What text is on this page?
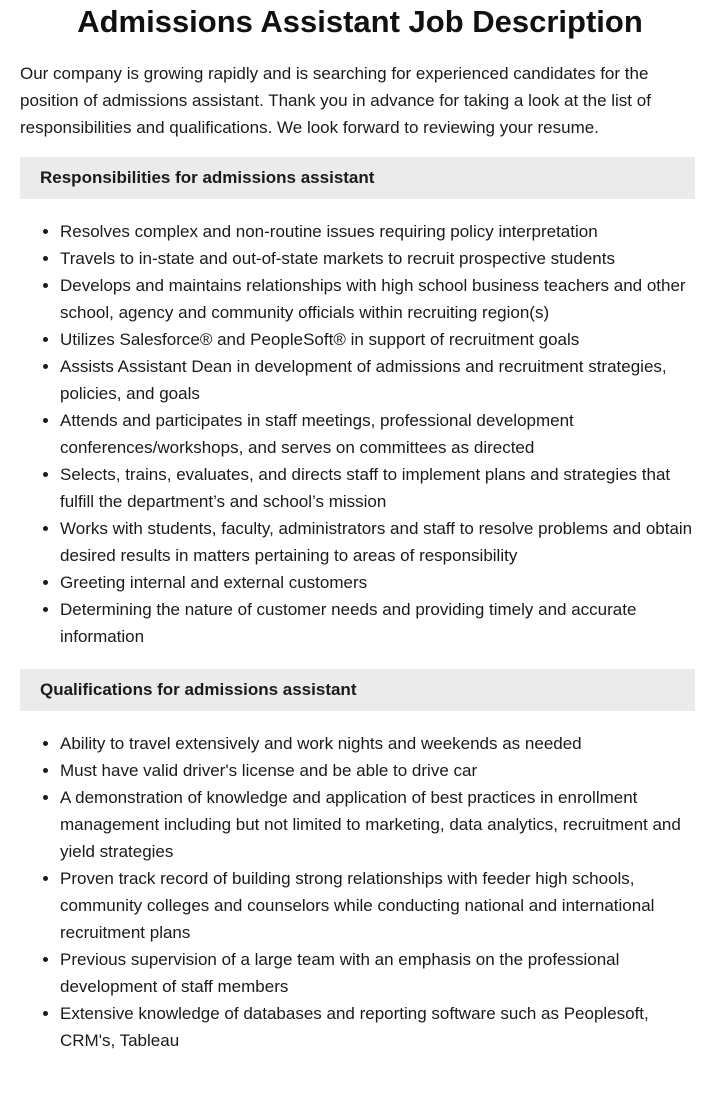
Admissions Assistant Job Description

Our company is growing rapidly and is searching for experienced candidates for the position of admissions assistant. Thank you in advance for taking a look at the list of responsibilities and qualifications. We look forward to reviewing your resume.

Responsibilities for admissions assistant
• Resolves complex and non-routine issues requiring policy interpretation
• Travels to in-state and out-of-state markets to recruit prospective students
• Develops and maintains relationships with high school business teachers and other school, agency and community officials within recruiting region(s)
• Utilizes Salesforce® and PeopleSoft® in support of recruitment goals
• Assists Assistant Dean in development of admissions and recruitment strategies, policies, and goals
• Attends and participates in staff meetings, professional development conferences/workshops, and serves on committees as directed
• Selects, trains, evaluates, and directs staff to implement plans and strategies that fulfill the department’s and school’s mission
• Works with students, faculty, administrators and staff to resolve problems and obtain desired results in matters pertaining to areas of responsibility
• Greeting internal and external customers
• Determining the nature of customer needs and providing timely and accurate information
Qualifications for admissions assistant
• Ability to travel extensively and work nights and weekends as needed
• Must have valid driver's license and be able to drive car
• A demonstration of knowledge and application of best practices in enrollment management including but not limited to marketing, data analytics, recruitment and yield strategies
• Proven track record of building strong relationships with feeder high schools, community colleges and counselors while conducting national and international recruitment plans
• Previous supervision of a large team with an emphasis on the professional development of staff members
• Extensive knowledge of databases and reporting software such as Peoplesoft, CRM's, Tableau
